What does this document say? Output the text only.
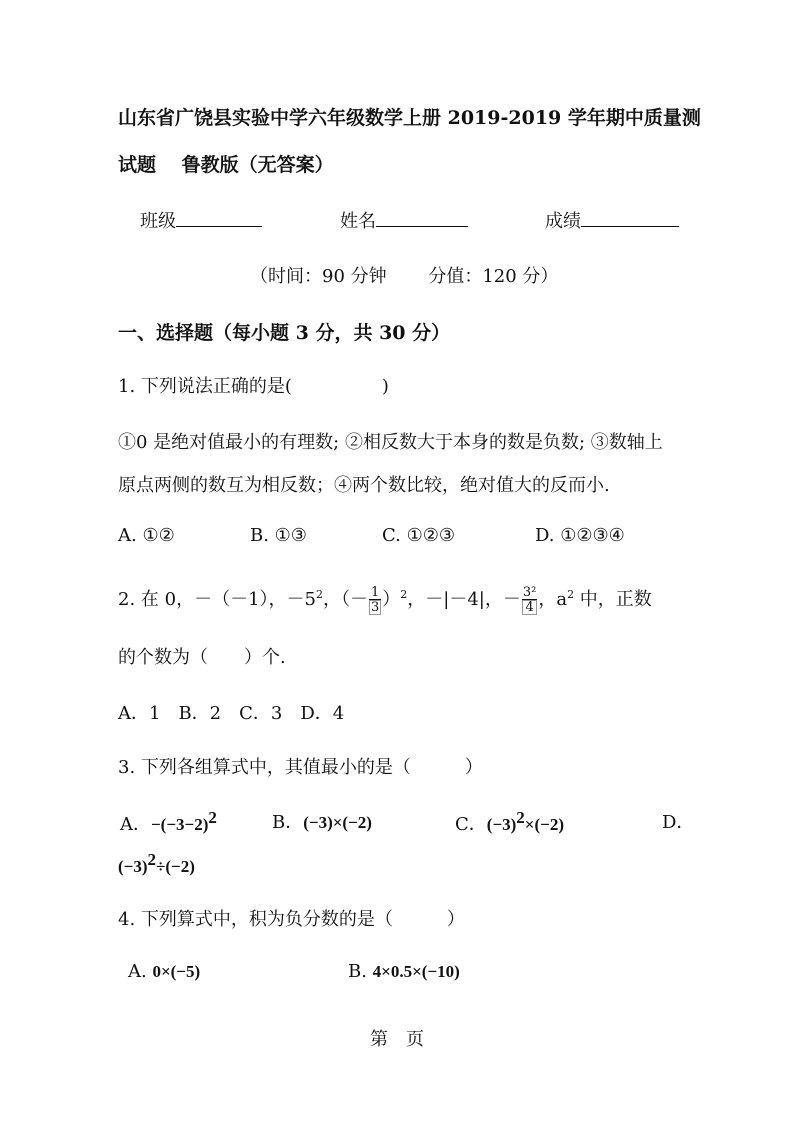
山东省广饶县实验中学六年级数学上册 2019-2019 学年期中质量测
试题　 鲁教版（无答案）
班级	姓名	成绩
（时间：90 分钟　　 分值：120 分）
一、选择题（每小题 3 分，共 30 分）
1. 下列说法正确的是(　　　　　)
①0 是绝对值最小的有理数; ②相反数大于本身的数是负数; ③数轴上
原点两侧的数互为相反数；④两个数比较，绝对值大的反而小.
A. ①②	B. ①③	C. ①②③	D. ①②③④
2. 在 0，－（－1），$-5^2$，（－ $\frac{1}{3} )^2$，－|－4|，－ $\frac{\text{3²}}{4}$ ，$a^2$ 中，正数
的个数为（　　）个.
A．1　B．2　C．3　D．4
3. 下列各组算式中，其值最小的是（　　　）
A．$-(-3-2)^2$	B．(−3)×(−2)	C．$(-3)^2\times(-2)$	D．
$(-3)^2\div(-2)$
4. 下列算式中，积为负分数的是（　　　）
A. 0×(−5)	B. 4×0.5×(−10)
第　页
